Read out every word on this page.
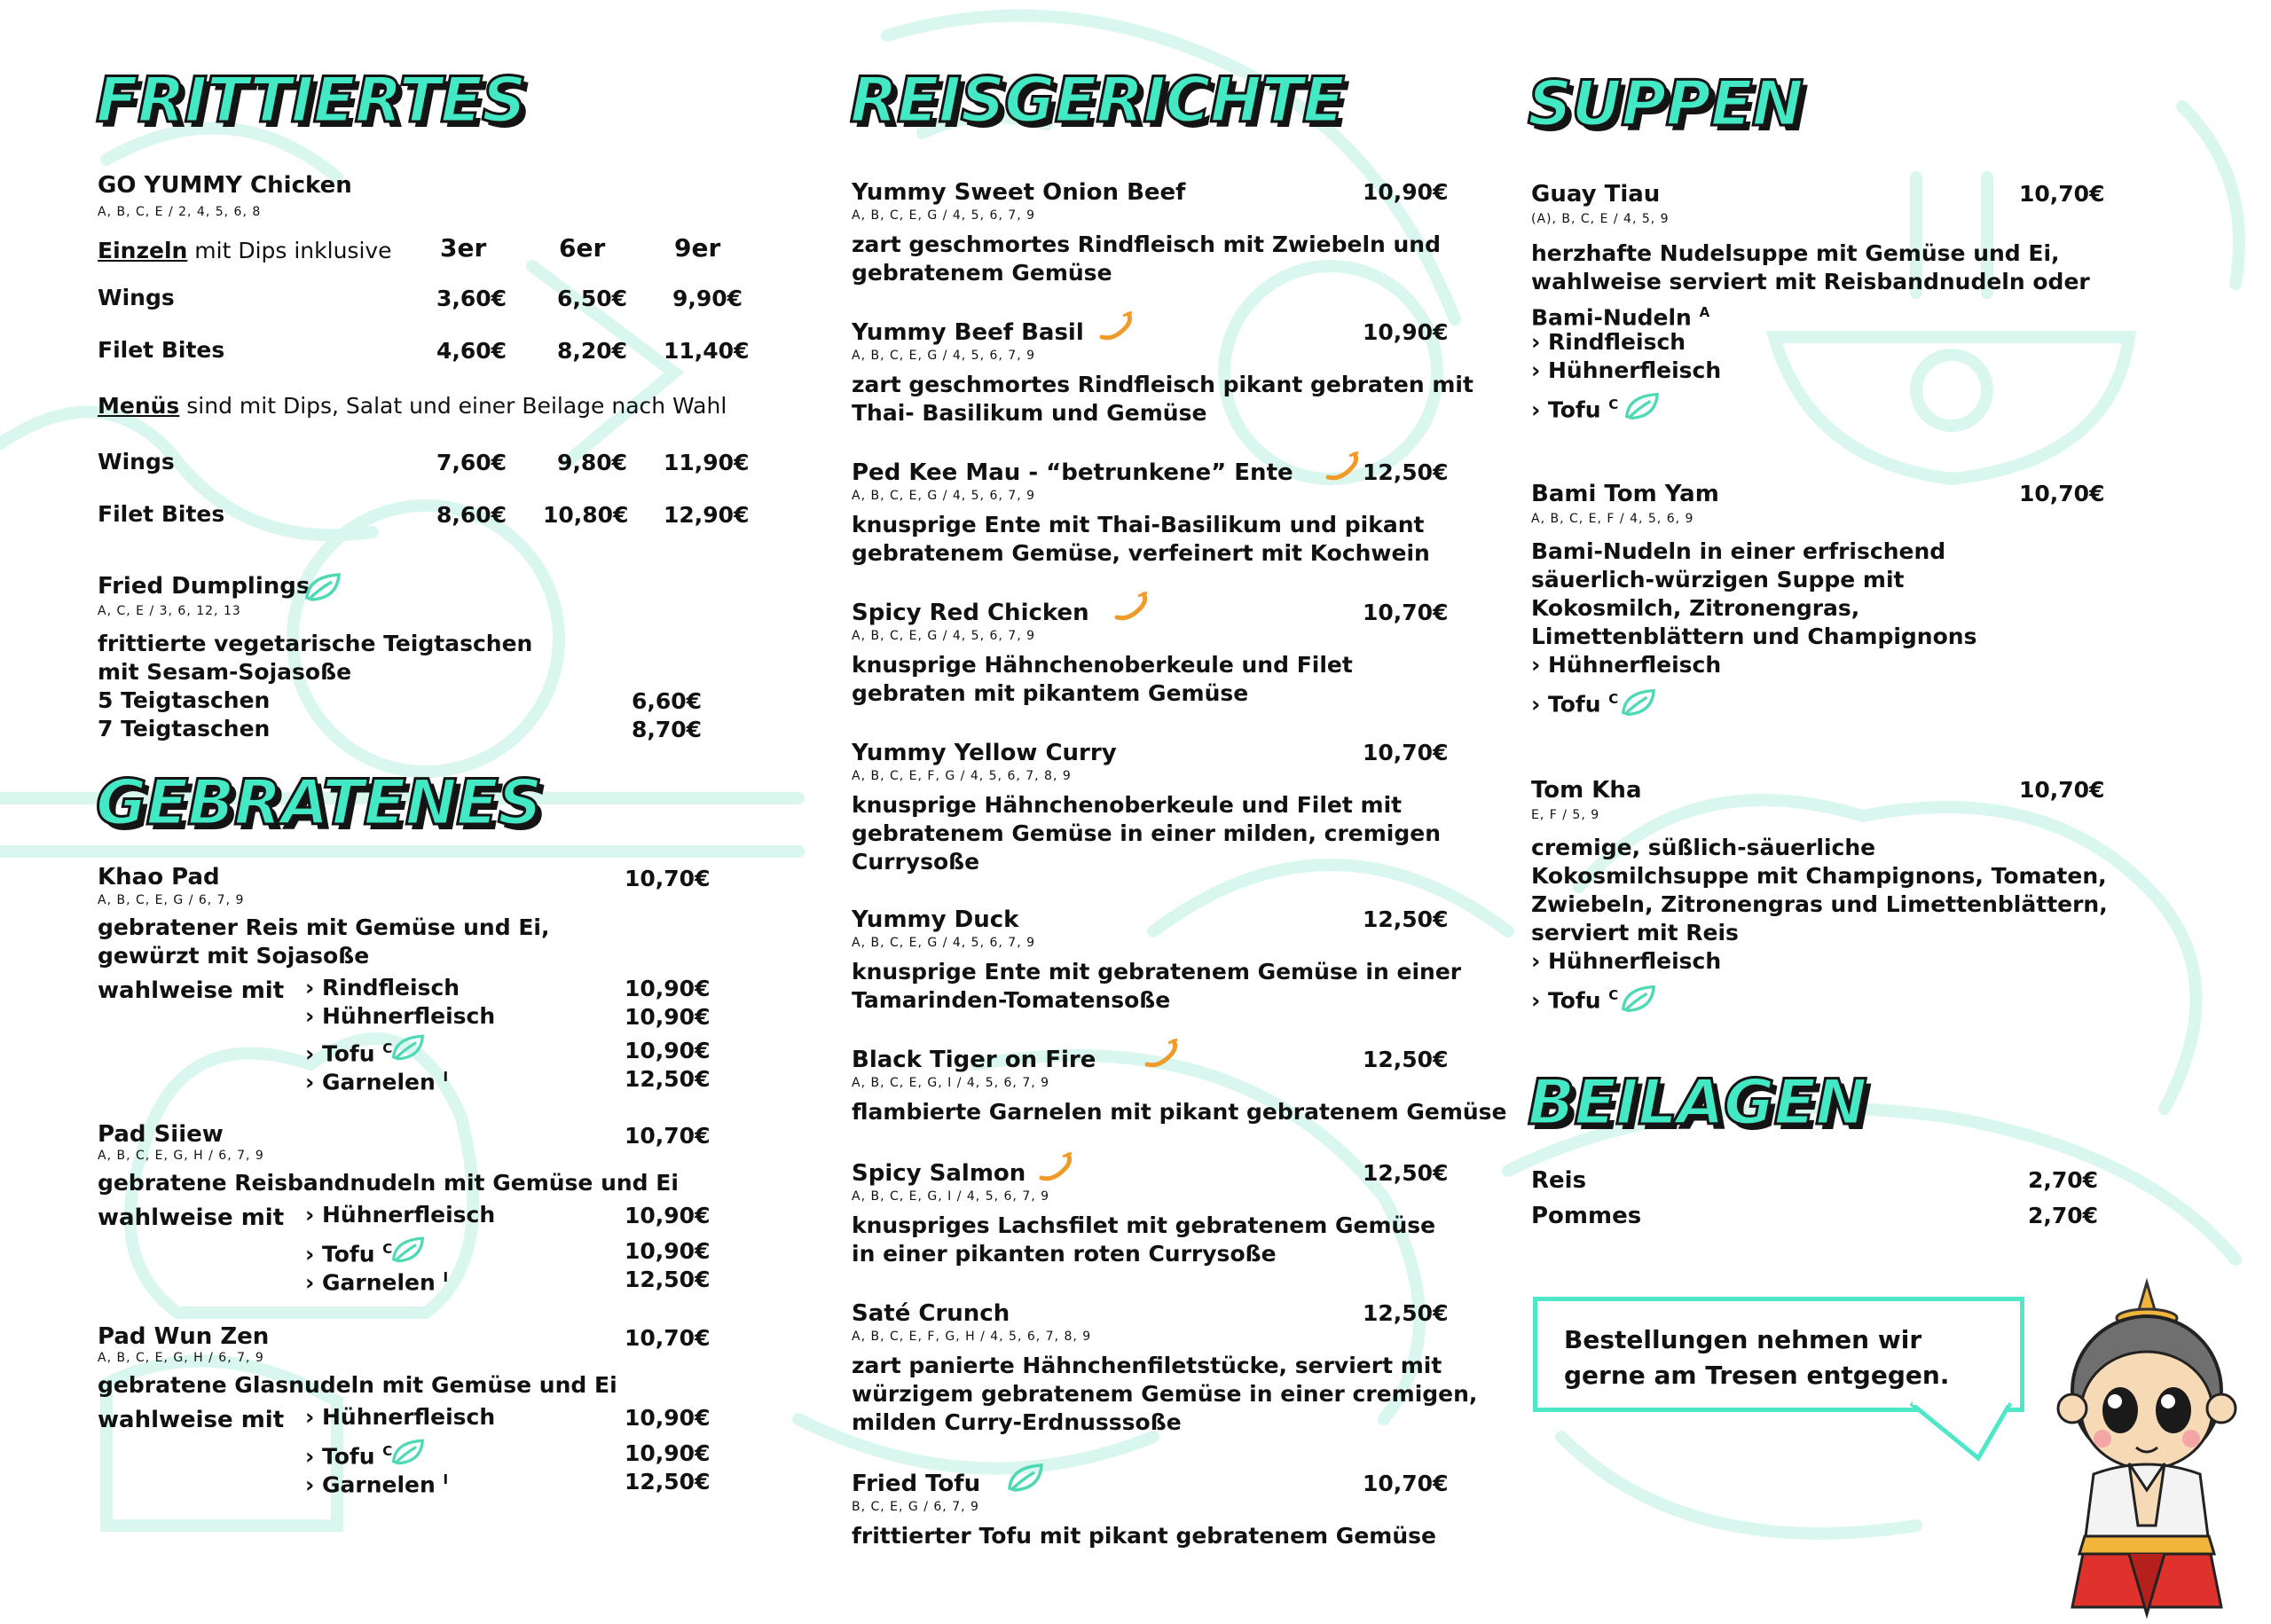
FRITTIERTES
GO YUMMY Chicken
A, B, C, E / 2, 4, 5, 6, 8
Einzeln mit Dips inklusive 3er	6er	9er
Wings	3,60€ 6,50€ 9,90€
Filet Bites	4,60€ 8,20€ 11,40€
Menüs sind mit Dips, Salat und einer Beilage nach Wahl
Wings	7,60€ 9,80€ 11,90€
Filet Bites	8,60€ 10,80€ 12,90€
Fried Dumplings
A, C, E / 3, 6, 12, 13
frittierte vegetarische Teigtaschen
mit Sesam-Sojasoße
5 Teigtaschen	6,60€
7 Teigtaschen	8,70€
GEBRATENES
Khao Pad	10,70€
A, B, C, E, G / 6, 7, 9
gebratener Reis mit Gemüse und Ei,
gewürzt mit Sojasoße
wahlweise mit › Rindfleisch	10,90€
› Hühnerfleisch	10,90€
› Tofu $^C$	10,90€
› Garnelen $^I$	12,50€
Pad Siiew	10,70€
A, B, C, E, G, H / 6, 7, 9
gebratene Reisbandnudeln mit Gemüse und Ei
wahlweise mit › Hühnerfleisch	10,90€
› Tofu $^C$	10,90€
› Garnelen $^I$	12,50€
Pad Wun Zen	10,70€
A, B, C, E, G, H / 6, 7, 9
gebratene Glasnudeln mit Gemüse und Ei
wahlweise mit › Hühnerfleisch	10,90€
› Tofu $^C$	10,90€
› Garnelen $^I$	12,50€
REISGERICHTE
Yummy Sweet Onion Beef	10,90€
A, B, C, E, G / 4, 5, 6, 7, 9
zart geschmortes Rindfleisch mit Zwiebeln und
gebratenem Gemüse
Yummy Beef Basil	10,90€
A, B, C, E, G / 4, 5, 6, 7, 9
zart geschmortes Rindfleisch pikant gebraten mit
Thai- Basilikum und Gemüse
Ped Kee Mau - “betrunkene” Ente	12,50€
A, B, C, E, G / 4, 5, 6, 7, 9
knusprige Ente mit Thai-Basilikum und pikant
gebratenem Gemüse, verfeinert mit Kochwein
Spicy Red Chicken	10,70€
A, B, C, E, G / 4, 5, 6, 7, 9
knusprige Hähnchenoberkeule und Filet
gebraten mit pikantem Gemüse
Yummy Yellow Curry	10,70€
A, B, C, E, F, G / 4, 5, 6, 7, 8, 9
knusprige Hähnchenoberkeule und Filet mit
gebratenem Gemüse in einer milden, cremigen
Currysoße
Yummy Duck	12,50€
A, B, C, E, G / 4, 5, 6, 7, 9
knusprige Ente mit gebratenem Gemüse in einer
Tamarinden-Tomatensoße
Black Tiger on Fire	12,50€
A, B, C, E, G, I / 4, 5, 6, 7, 9
flambierte Garnelen mit pikant gebratenem Gemüse
Spicy Salmon	12,50€
A, B, C, E, G, I / 4, 5, 6, 7, 9
knuspriges Lachsfilet mit gebratenem Gemüse
in einer pikanten roten Currysoße
Saté Crunch	12,50€
A, B, C, E, F, G, H / 4, 5, 6, 7, 8, 9
zart panierte Hähnchenfiletstücke, serviert mit
würzigem gebratenem Gemüse in einer cremigen,
milden Curry-Erdnusssoße
Fried Tofu	10,70€
B, C, E, G / 6, 7, 9
frittierter Tofu mit pikant gebratenem Gemüse
SUPPEN
Guay Tiau	10,70€
(A), B, C, E / 4, 5, 9
herzhafte Nudelsuppe mit Gemüse und Ei,
wahlweise serviert mit Reisbandnudeln oder
Bami-Nudeln $^A$
› Rindfleisch
› Hühnerfleisch
› Tofu $^C$
Bami Tom Yam	10,70€
A, B, C, E, F / 4, 5, 6, 9
Bami-Nudeln in einer erfrischend
säuerlich-würzigen Suppe mit
Kokosmilch, Zitronengras,
Limettenblättern und Champignons
› Hühnerfleisch
› Tofu $^C$
Tom Kha	10,70€
E, F / 5, 9
cremige, süßlich-säuerliche
Kokosmilchsuppe mit Champignons, Tomaten,
Zwiebeln, Zitronengras und Limettenblättern,
serviert mit Reis
› Hühnerfleisch
› Tofu $^C$
BEILAGEN
Reis	2,70€
Pommes	2,70€
Bestellungen nehmen wir
gerne am Tresen entgegen.
